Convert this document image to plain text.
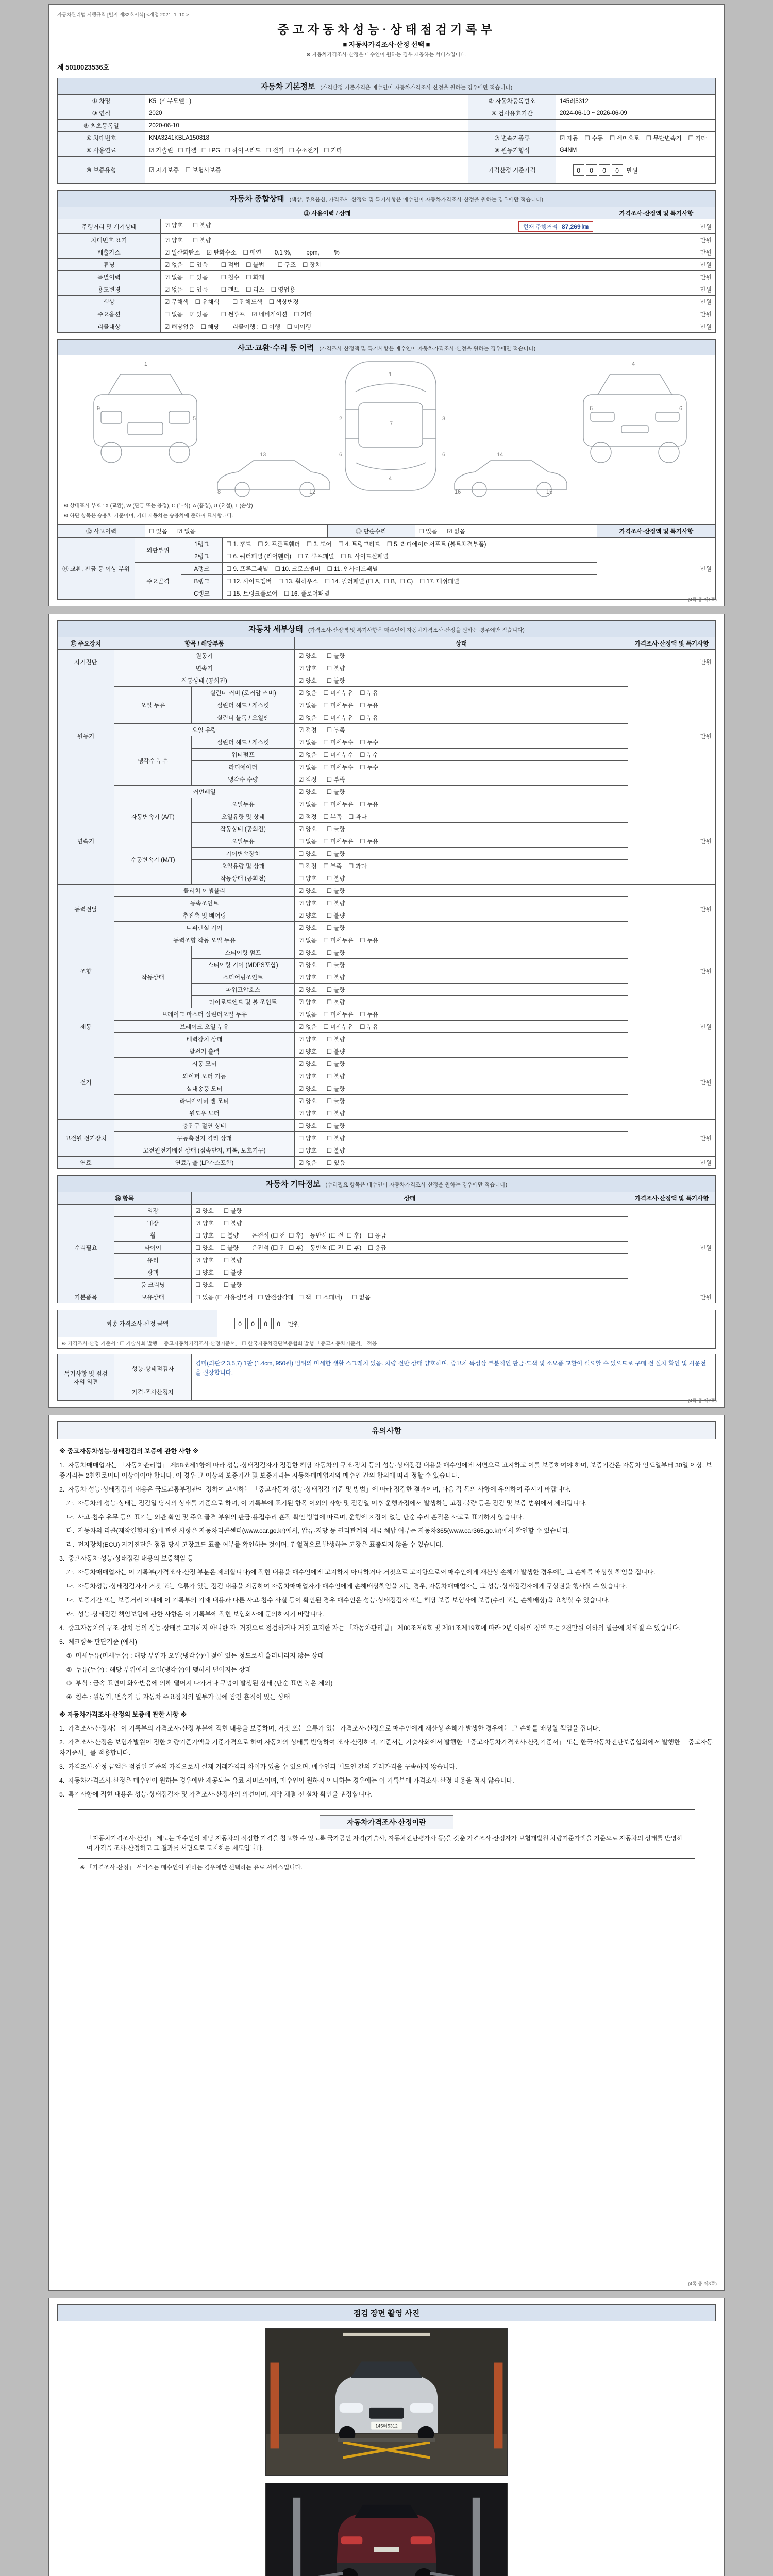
자동차관리법 시행규칙 [별지 제82호서식] <개정 2021. 1. 10.>
중고자동차성능·상태점검기록부
■ 자동차가격조사·산정 선택 ■
※ 자동차가격조사·산정은 매수인이 원하는 경우 제공하는 서비스입니다.
제 5010023536호
자동차 기본정보 (가격산정 기준가격은 매수인이 자동차가격조사·산정을 원하는 경우에만 적습니다)
① 차명	K5  (세부모델 : )	② 자동차등록번호	145러5312
③ 연식	2020	④ 검사유효기간	2024-06-10 ~ 2026-06-09
⑤ 최초등록일	2020-06-10		
⑥ 차대번호	KNA3241KBLA150818	⑦ 변속기종류	☑ 자동    ☐ 수동    ☐ 세미오토    ☐ 무단변속기    ☐ 기타
⑧ 사용연료	☑ 가솔린   ☐ 디젤   ☐ LPG   ☐ 하이브리드   ☐ 전기   ☐ 수소전기   ☐ 기타	⑨ 원동기형식	G4NM
⑩ 보증유형	☑ 자가보증    ☐ 보험사보증	가격산정 기준가격	0 0 0 0 만원

자동차 종합상태 (색상, 주요옵션, 가격조사·산정액 및 특기사항은 매수인이 자동차가격조사·산정을 원하는 경우에만 적습니다)
⑪ 사용이력 / 상태		가격조사·산정액 및 특기사항
주행거리 및 계기상태	☑ 양호      ☐ 불량 현재 주행거리 87,269 ㎞	만원
차대번호 표기	☑ 양호      ☐ 불량	만원
배출가스	☑ 일산화탄소    ☑ 탄화수소    ☐ 매연        0.1 %,         ppm,         %	만원
튜닝	☑ 없음    ☐ 있음        ☐ 적법    ☐ 불법        ☐ 구조    ☐ 장치	만원
특별이력	☑ 없음    ☐ 있음        ☐ 침수    ☐ 화재	만원
용도변경	☑ 없음    ☐ 있음        ☐ 렌트    ☐ 리스    ☐ 영업용	만원
색상	☑ 무채색    ☐ 유채색        ☐ 전체도색    ☐ 색상변경	만원
주요옵션	☐ 없음    ☑ 있음        ☐ 썬루프    ☑ 네비게이션    ☐ 기타	만원
리콜대상	☑ 해당없음    ☐ 해당        리콜이행 :  ☐ 이행    ☐ 미이행	만원
사고·교환·수리 등 이력 (가격조사·산정액 및 특기사항은 매수인이 자동차가격조사·산정을 원하는 경우에만 적습니다)
1
9
5
1
7
4
2	3
6	6
13
8	12
14
16	15
4
6	6
※ 상태표시 부호 : X (교환), W (판금 또는 용접), C (부식), A (흠집), U (요철), T (손상)
※ 하단 항목은 승용차 기준이며, 기타 자동차는 승용차에 준하여 표시합니다.
⑫ 사고이력	☐ 있음      ☑ 없음	⑬ 단순수리	☐ 있음      ☑ 없음	가격조사·산정액 및 특기사항
⑭ 교환, 판금 등 이상 부위	외판부위	1랭크	☐ 1. 후드    ☐ 2. 프론트휀더    ☐ 3. 도어    ☐ 4. 트렁크리드    ☐ 5. 라디에이터서포트 (볼트체결부품)	만원
		2랭크	☐ 6. 쿼터패널 (리어휀더)    ☐ 7. 루프패널    ☐ 8. 사이드실패널	
	주요골격	A랭크	☐ 9. 프론트패널    ☐ 10. 크로스멤버    ☐ 11. 인사이드패널	
		B랭크	☐ 12. 사이드멤버    ☐ 13. 휠하우스    ☐ 14. 필러패널 (☐ A,  ☐ B,  ☐ C)    ☐ 17. 대쉬패널	
		C랭크	☐ 15. 트렁크플로어    ☐ 16. 플로어패널	
(4쪽 중 제1쪽)
자동차 세부상태 (가격조사·산정액 및 특기사항은 매수인이 자동차가격조사·산정을 원하는 경우에만 적습니다)
⑮ 주요장치	항목 / 해당부품		상태	가격조사·산정액 및 특기사항
자기진단	원동기		☑ 양호      ☐ 불량	만원
	변속기		☑ 양호      ☐ 불량	
원동기	작동상태 (공회전)		☑ 양호      ☐ 불량	만원
	오일 누유	실린더 커버 (로커암 커버)	☑ 없음    ☐ 미세누유    ☐ 누유	
		실린더 헤드 / 개스킷	☑ 없음    ☐ 미세누유    ☐ 누유	
		실린더 블록 / 오일팬	☑ 없음    ☐ 미세누유    ☐ 누유	
	오일 유량		☑ 적정      ☐ 부족	
	냉각수 누수	실린더 헤드 / 개스킷	☑ 없음    ☐ 미세누수    ☐ 누수	
		워터펌프	☑ 없음    ☐ 미세누수    ☐ 누수	
		라디에이터	☑ 없음    ☐ 미세누수    ☐ 누수	
		냉각수 수량	☑ 적정      ☐ 부족	
	커먼레일		☑ 양호      ☐ 불량	
변속기	자동변속기 (A/T)	오일누유	☑ 없음    ☐ 미세누유    ☐ 누유	만원
		오일유량 및 상태	☑ 적정    ☐ 부족    ☐ 과다	
		작동상태 (공회전)	☑ 양호      ☐ 불량	
	수동변속기 (M/T)	오일누유	☐ 없음    ☐ 미세누유    ☐ 누유	
		기어변속장치	☐ 양호      ☐ 불량	
		오일유량 및 상태	☐ 적정    ☐ 부족    ☐ 과다	
		작동상태 (공회전)	☐ 양호      ☐ 불량	
동력전달	클러치 어셈블리		☑ 양호      ☐ 불량	만원
	등속조인트		☑ 양호      ☐ 불량	
	추진축 및 베어링		☑ 양호      ☐ 불량	
	디퍼렌셜 기어		☑ 양호      ☐ 불량	
조향	동력조향 작동 오일 누유		☑ 없음    ☐ 미세누유    ☐ 누유	만원
	작동상태	스티어링 펌프	☑ 양호      ☐ 불량	
		스티어링 기어 (MDPS포함)	☑ 양호      ☐ 불량	
		스티어링조인트	☑ 양호      ☐ 불량	
		파워고압호스	☑ 양호      ☐ 불량	
		타이로드엔드 및 볼 조인트	☑ 양호      ☐ 불량	
제동	브레이크 마스터 실린더오일 누유		☑ 없음    ☐ 미세누유    ☐ 누유	만원
	브레이크 오일 누유		☑ 없음    ☐ 미세누유    ☐ 누유	
	배력장치 상태		☑ 양호      ☐ 불량	
전기	발전기 출력		☑ 양호      ☐ 불량	만원
	시동 모터		☑ 양호      ☐ 불량	
	와이퍼 모터 기능		☑ 양호      ☐ 불량	
	실내송풍 모터		☑ 양호      ☐ 불량	
	라디에이터 팬 모터		☑ 양호      ☐ 불량	
	윈도우 모터		☑ 양호      ☐ 불량	
고전원 전기장치	충전구 절연 상태		☐ 양호      ☐ 불량	만원
	구동축전지 격리 상태		☐ 양호      ☐ 불량	
	고전원전기배선 상태 (접속단자, 피복, 보호기구)		☐ 양호      ☐ 불량	
연료	연료누출 (LP가스포함)		☑ 없음      ☐ 있음	만원
자동차 기타정보 (수리필요 항목은 매수인이 자동차가격조사·산정을 원하는 경우에만 적습니다)
⑯ 항목		상태	가격조사·산정액 및 특기사항
수리필요	외장	☑ 양호      ☐ 불량	만원
	내장	☑ 양호      ☐ 불량	
	휠	☐ 양호    ☐ 불량        운전석 (☐ 전  ☐ 후)    동반석 (☐ 전  ☐ 후)    ☐ 응급	
	타이어	☐ 양호    ☐ 불량        운전석 (☐ 전  ☐ 후)    동반석 (☐ 전  ☐ 후)    ☐ 응급	
	유리	☑ 양호      ☐ 불량	
	광택	☐ 양호      ☐ 불량	
	룸 크리닝	☐ 양호      ☐ 불량	
기본품목	보유상태	☐ 있음 (☐ 사용설명서   ☐ 안전삼각대   ☐ 잭   ☐ 스패너)      ☐ 없음	만원
최종 가격조사·산정 금액	0 0 0 0 만원

※ 가격조사·산정 기준서 : ☐ 기술사회 발행 「중고자동차가격조사·산정기준서」 ☐ 한국자동차진단보증협회 발행 「중고자동차기준서」 적용
특기사항 및 점검자의 의견	성능·상태점검자	경미(외판:2,3,5,7) 1판 (1.4cm, 950원) 범위의 미세한 생활 스크래치 있음. 차량 전반 상태 양호하며, 중고차 특성상 부분적인 판금·도색 및 소모품 교환이 필요할 수 있으므로 구매 전 실차 확인 및 시운전을 권장합니다.
	가격·조사산정자	
(4쪽 중 제2쪽)
유의사항

※ 중고자동차성능·상태점검의 보증에 관한 사항 ※

1.  자동차매매업자는 「자동차관리법」 제58조제1항에 따라 성능·상태점검자가 점검한 해당 자동차의 구조·장치 등의 성능·상태점검 내용을 매수인에게 서면으로 고지하고 이를 보증하여야 하며, 보증기간은 자동차 인도일부터 30일 이상, 보증거리는 2천킬로미터 이상이어야 합니다. 이 경우 그 이상의 보증기간 및 보증거리는 자동차매매업자와 매수인 간의 합의에 따라 정할 수 있습니다.

2.  자동차 성능·상태점검의 내용은 국토교통부장관이 정하여 고시하는 「중고자동차 성능·상태점검 기준 및 방법」에 따라 점검한 결과이며, 다음 각 목의 사항에 유의하여 주시기 바랍니다.

가.  자동차의 성능·상태는 점검일 당시의 상태를 기준으로 하며, 이 기록부에 표기된 항목 이외의 사항 및 점검일 이후 운행과정에서 발생하는 고장·불량 등은 점검 및 보증 범위에서 제외됩니다.

나.  사고·침수 유무 등의 표기는 외관 확인 및 주요 골격 부위의 판금·용접수리 흔적 확인 방법에 따르며, 운행에 지장이 없는 단순 수리 흔적은 사고로 표기하지 않습니다.

다.  자동차의 리콜(제작결함시정)에 관한 사항은 자동차리콜센터(www.car.go.kr)에서, 압류·저당 등 권리관계와 세금 체납 여부는 자동차365(www.car365.go.kr)에서 확인할 수 있습니다.

라.  전자장치(ECU) 자기진단은 점검 당시 고장코드 표출 여부를 확인하는 것이며, 간헐적으로 발생하는 고장은 표출되지 않을 수 있습니다.

3.  중고자동차 성능·상태점검 내용의 보증책임 등

가.  자동차매매업자는 이 기록부(가격조사·산정 부분은 제외합니다)에 적힌 내용을 매수인에게 고지하지 아니하거나 거짓으로 고지함으로써 매수인에게 재산상 손해가 발생한 경우에는 그 손해를 배상할 책임을 집니다.

나.  자동차성능·상태점검자가 거짓 또는 오류가 있는 점검 내용을 제공하여 자동차매매업자가 매수인에게 손해배상책임을 지는 경우, 자동차매매업자는 그 성능·상태점검자에게 구상권을 행사할 수 있습니다.

다.  보증기간 또는 보증거리 이내에 이 기록부의 기재 내용과 다른 사고·침수 사실 등이 확인된 경우 매수인은 성능·상태점검자 또는 해당 보증 보험사에 보증(수리 또는 손해배상)을 요청할 수 있습니다.

라.  성능·상태점검 책임보험에 관한 사항은 이 기록부에 적힌 보험회사에 문의하시기 바랍니다.

4.  중고자동차의 구조·장치 등의 성능·상태를 고지하지 아니한 자, 거짓으로 점검하거나 거짓 고지한 자는 「자동차관리법」 제80조제6호 및 제81조제19호에 따라 2년 이하의 징역 또는 2천만원 이하의 벌금에 처해질 수 있습니다.

5.  체크항목 판단기준 (예시)

①  미세누유(미세누수) : 해당 부위가 오일(냉각수)에 젖어 있는 정도로서 흘러내리지 않는 상태

②  누유(누수) : 해당 부위에서 오일(냉각수)이 맺혀서 떨어지는 상태

③  부식 : 금속 표면이 화학반응에 의해 떨어져 나가거나 구멍이 발생된 상태 (단순 표면 녹은 제외)

④  침수 : 원동기, 변속기 등 자동차 주요장치의 일부가 물에 잠긴 흔적이 있는 상태

※ 자동차가격조사·산정의 보증에 관한 사항 ※

1.  가격조사·산정자는 이 기록부의 가격조사·산정 부분에 적힌 내용을 보증하며, 거짓 또는 오류가 있는 가격조사·산정으로 매수인에게 재산상 손해가 발생한 경우에는 그 손해를 배상할 책임을 집니다.

2.  가격조사·산정은 보험개발원이 정한 차량기준가액을 기준가격으로 하여 자동차의 상태를 반영하여 조사·산정하며, 기준서는 기술사회에서 발행한 「중고자동차가격조사·산정기준서」 또는 한국자동차진단보증협회에서 발행한 「중고자동차기준서」를 적용합니다.

3.  가격조사·산정 금액은 점검일 기준의 가격으로서 실제 거래가격과 차이가 있을 수 있으며, 매수인과 매도인 간의 거래가격을 구속하지 않습니다.

4.  자동차가격조사·산정은 매수인이 원하는 경우에만 제공되는 유료 서비스이며, 매수인이 원하지 아니하는 경우에는 이 기록부에 가격조사·산정 내용을 적지 않습니다.

5.  특기사항에 적힌 내용은 성능·상태점검자 및 가격조사·산정자의 의견이며, 계약 체결 전 실차 확인을 권장합니다.

자동차가격조사·산정이란
「자동차가격조사·산정」 제도는 매수인이 해당 자동차의 적정한 가격을 참고할 수 있도록 국가공인 자격(기술사, 자동차진단평가사 등)을 갖춘 가격조사·산정자가 보험개발원 차량기준가액을 기준으로 자동차의 상태를 반영하여 가격을 조사·산정하고 그 결과를 서면으로 고지하는 제도입니다.
※ 「가격조사·산정」 서비스는 매수인이 원하는 경우에만 선택하는 유료 서비스입니다.
(4쪽 중 제3쪽)
점검 장면 촬영 사진
145러5312
